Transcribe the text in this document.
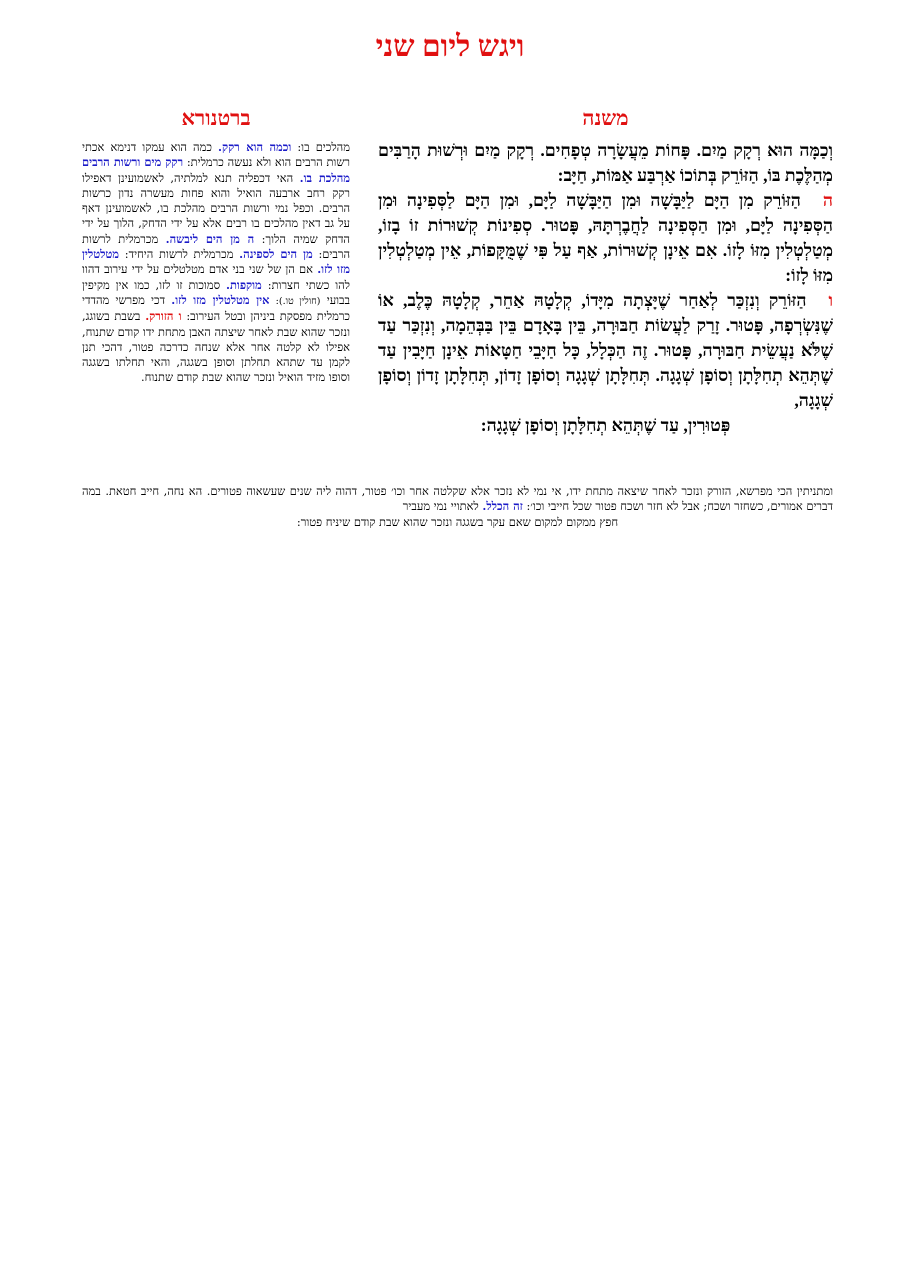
ויגש ליום שני
משנה
ברטנורא

וְכַמָּה הוּא רְקָק מַיִם. פָּחוֹת מֵעֲשָׂרָה טְפָחִים. רְקָק מַיִם וּרְשׁוּת הָרַבִּים מְהַלֶּכֶת בּוֹ, הַזּוֹרֵק בְּתוֹכוֹ אַרְבַּע אַמּוֹת, חַיָּב:

ההַזּוֹרֵק מִן הַיָּם לַיַּבָּשָׁה וּמִן הַיַּבָּשָׁה לַיָּם, וּמִן הַיָּם לַסְּפִינָה וּמִן הַסְּפִינָה לַיָּם, וּמִן הַסְּפִינָה לַחֲבֶרְתָּהּ, פָּטוּר. סְפִינוֹת קְשׁוּרוֹת זוֹ בָזוֹ, מְטַלְטְלִין מִזּוֹ לָזוֹ. אִם אֵינָן קְשׁוּרוֹת, אַף עַל פִּי שֶׁמֻּקָּפוֹת, אֵין מְטַלְטְלִין מִזּוֹ לָזוֹ:

והַזּוֹרֵק וְנִזְכַּר לְאַחַר שֶׁיָּצְתָה מִיָּדוֹ, קְלָטָהּ אַחֵר, קְלָטָהּ כֶּלֶב, אוֹ שֶׁנִּשְׂרְפָה, פָּטוּר. זָרַק לַעֲשׂוֹת חַבּוּרָה, בֵּין בָּאָדָם בֵּין בַּבְּהֵמָה, וְנִזְכַּר עַד שֶׁלֹּא נַעֲשֵׂית חַבּוּרָה, פָּטוּר. זֶה הַכְּלָל, כָּל חַיָּבֵי חַטָּאוֹת אֵינָן חַיָּבִין עַד שֶׁתְּהֵא תְחִלָּתָן וְסוֹפָן שְׁגָגָה. תְּחִלָּתָן שְׁגָגָה וְסוֹפָן זָדוֹן, תְּחִלָּתָן זָדוֹן וְסוֹפָן שְׁגָגָה,

פְּטוּרִין, עַד שֶׁתְּהֵא תְחִלָּתָן וְסוֹפָן שְׁגָגָה:

מהלכים בו: וכמה הוא רקק. כמה הוא עמקו דנימא אכתי רשות הרבים הוא ולא נעשה כרמלית: רקק מים ורשות הרבים מהלכת בו. האי דכפליה תנא למלתיה, לאשמועינן דאפילו רקק רחב ארבעה הואיל והוא פחות מעשרה נדון כרשות הרבים. וכפל נמי ורשות הרבים מהלכת בו, לאשמועינן דאף על גב דאין מהלכים בו רבים אלא על ידי הדחק, הלוך על ידי הדחק שמיה הלוך: ה מן הים ליבשה. מכרמלית לרשות הרבים: מן הים לספינה. מכרמלית לרשות היחיד: מטלטלין מזו לזו. אם הן של שני בני אדם מטלטלים על ידי עירוב דהוו להו כשתי חצרות: מוקפות. סמוכות זו לזו, כמו אין מקיפין בבועי (חולין טו.): אין מטלטלין מזו לזו. דכי מפרשי מהדדי כרמלית מפסקת ביניהן ובטל העירוב: ו הזורק. בשבת בשוגג, ונזכר שהוא שבת לאחר שיצתה האבן מתחת ידו קודם שתנוח, אפילו לא קלטה אחר אלא שנחה כדרכה פטור, דהכי תנן לקמן עד שתהא תחלתן וסופן בשגגה, והאי תחלתו בשגגה וסופו מזיד הואיל ונזכר שהוא שבת קודם שתנוח.

ומתניתין הכי מפרשא, הזורק ונזכר לאחר שיצאה מתחת ידו, אי נמי לא נזכר אלא שקלטה אחר וכו׳ פטור, דהוה ליה שנים שעשאוה פטורים. הא נחה, חייב חטאת. במה דברים אמורים, כשחזר ושכח; אבל לא חזר ושכח פטור שכל חייבי וכו׳: זה הכלל. לאתויי נמי מעביר

חפץ ממקום למקום שאם עקר בשגגה ונזכר שהוא שבת קודם שינּיח פטור:
